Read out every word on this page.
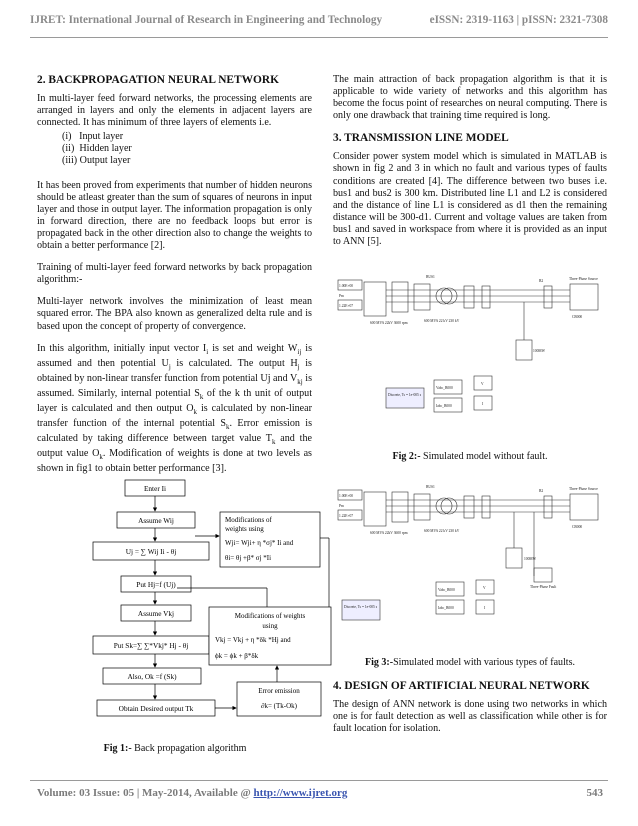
IJRET: International Journal of Research in Engineering and Technology	eISSN: 2319-1163 | pISSN: 2321-7308
2. BACKPROPAGATION NEURAL NETWORK

In multi-layer feed forward networks, the processing elements are arranged in layers and only the elements in adjacent layers are connected. It has minimum of three layers of elements i.e.

(i)   Input layer
(ii)  Hidden layer
(iii) Output layer

It has been proved from experiments that number of hidden neurons should be atleast greater than the sum of squares of neurons in input layer and those in output layer. The information propagation is only in forward direction, there are no feedback loops but error is propagated back in the other direction also to change the weights to obtain a better performance [2].

Training of multi-layer feed forward networks by back propagation algorithm:-

Multi-layer network involves the minimization of least mean squared error. The BPA also known as generalized delta rule and is based upon the concept of property of convergence.

In this algorithm, initially input vector $I_i$ is set and weight $W_{ij}$ is assumed and then potential $U_j$ is calculated. The output $H_j$ is obtained by non-linear transfer function from potential Uj and $V_{kj}$ is assumed. Similarly, internal potential $S_k$ of the k th unit of output layer is calculated and then output $O_k$ is calculated by non-linear transfer function of the internal potential $S_k$. Error emission is calculated by taking difference between target value $T_k$ and the output value $O_k$. Modification of weights is done at two levels as shown in fig1 to obtain better performance [3].

Enter Ii
Assume Wij
Uj = ∑ Wij Ii - θj
Put Hj=f (Uj)
Assume Vkj
Put Sk=∑ ∑*Vkj* Hj - θj
Also, Ok =f (Sk)
Obtain Desired output Tk
Modifications of
weights using
Wji= Wji+ η *σj* Ii and
θi= θj +β* σj *Ii
Modifications of weights
using
Vkj = Vkj + η *δk *Hj and
ϕk = ϕk + β*δk
Error emission
∂k= (Tk-Ok)
Fig 1:- Back propagation algorithm

The main attraction of back propagation algorithm is that it is applicable to wide variety of networks and this algorithm has become the focus point of researches on neural computing. There is only one drawback that training time required is long.

3. TRANSMISSION LINE MODEL

Consider power system model which is simulated in MATLAB is shown in fig 2 and 3 in which no fault and various types of faults conditions are created [4]. The difference between two buses i.e. bus1 and bus2 is 300 km. Distributed line L1 and L2 is considered and the distance of line L1 is considered as d1 then the remaining distance will be 300-d1. Current and voltage values are taken from bus1 and saved in workspace from where it is provided as an input to ANN [5].

1.00E+00
Pm
1.22E+07
BUS1
B2
600 MVA 22kV 3600 rpm	600 MVA 22 kV 230 kV
Three-Phase Source
CB000
100MW
Discrete, Ts = 1e-005 s
Vabc_B000
Iabc_B000
V
I
Fig 2:- Simulated model without fault.
1.00E+00
Pm
1.22E+07
BUS1
B2
600 MVA 22kV 3600 rpm	600 MVA 22 kV 230 kV
Three-Phase Source
CB000
100MW
Three-Phase Fault
Discrete, Ts = 1e-005 s
Vabc_B000
Iabc_B000
V
I
Fig 3:-Simulated model with various types of faults.
4. DESIGN OF ARTIFICIAL NEURAL NETWORK

The design of ANN network is done using two networks in which one is for fault detection as well as classification while other is for fault location for isolation.

Volume: 03 Issue: 05 | May-2014, Available @ http://www.ijret.org	543
